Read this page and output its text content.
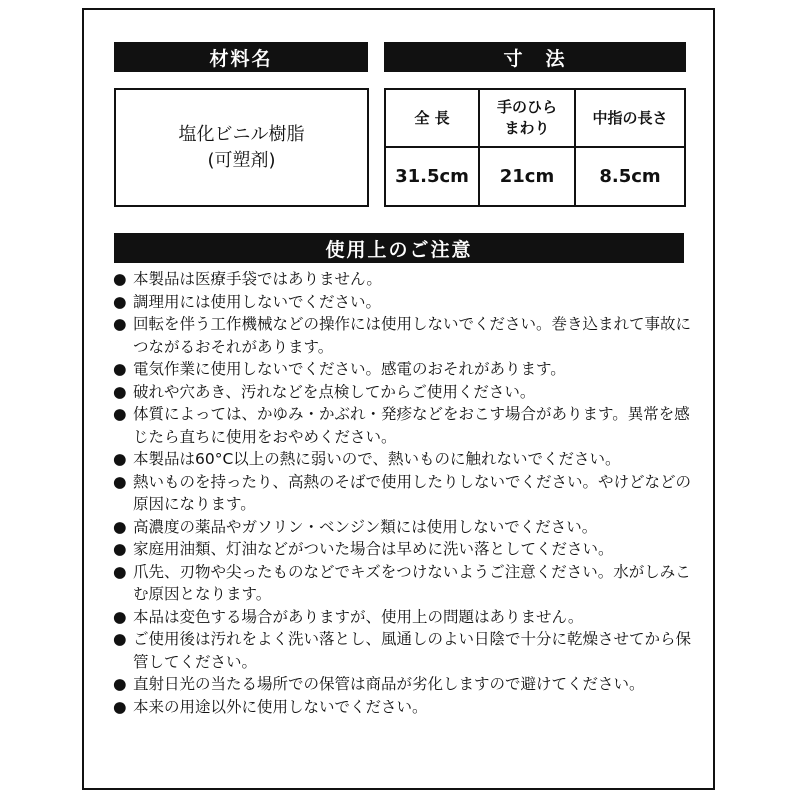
材料名
塩化ビニル樹脂
(可塑剤)
寸　法
全 長
手のひら
まわり
中指の長さ
31.5cm	21cm	8.5cm
使用上のご注意
● 本製品は医療手袋ではありません。
● 調理用には使用しないでください。
● 回転を伴う工作機械などの操作には使用しないでください。巻き込まれて事故につながるおそれがあります。
● 電気作業に使用しないでください。感電のおそれがあります。
● 破れや穴あき、汚れなどを点検してからご使用ください。
● 体質によっては、かゆみ・かぶれ・発疹などをおこす場合があります。異常を感じたら直ちに使用をおやめください。
● 本製品は60°C以上の熱に弱いので、熱いものに触れないでください。
● 熱いものを持ったり、高熱のそばで使用したりしないでください。やけどなどの原因になります。
● 高濃度の薬品やガソリン・ベンジン類には使用しないでください。
● 家庭用油類、灯油などがついた場合は早めに洗い落としてください。
● 爪先、刃物や尖ったものなどでキズをつけないようご注意ください。水がしみこむ原因となります。
● 本品は変色する場合がありますが、使用上の問題はありません。
● ご使用後は汚れをよく洗い落とし、風通しのよい日陰で十分に乾燥させてから保管してください。
● 直射日光の当たる場所での保管は商品が劣化しますので避けてください。
● 本来の用途以外に使用しないでください。
